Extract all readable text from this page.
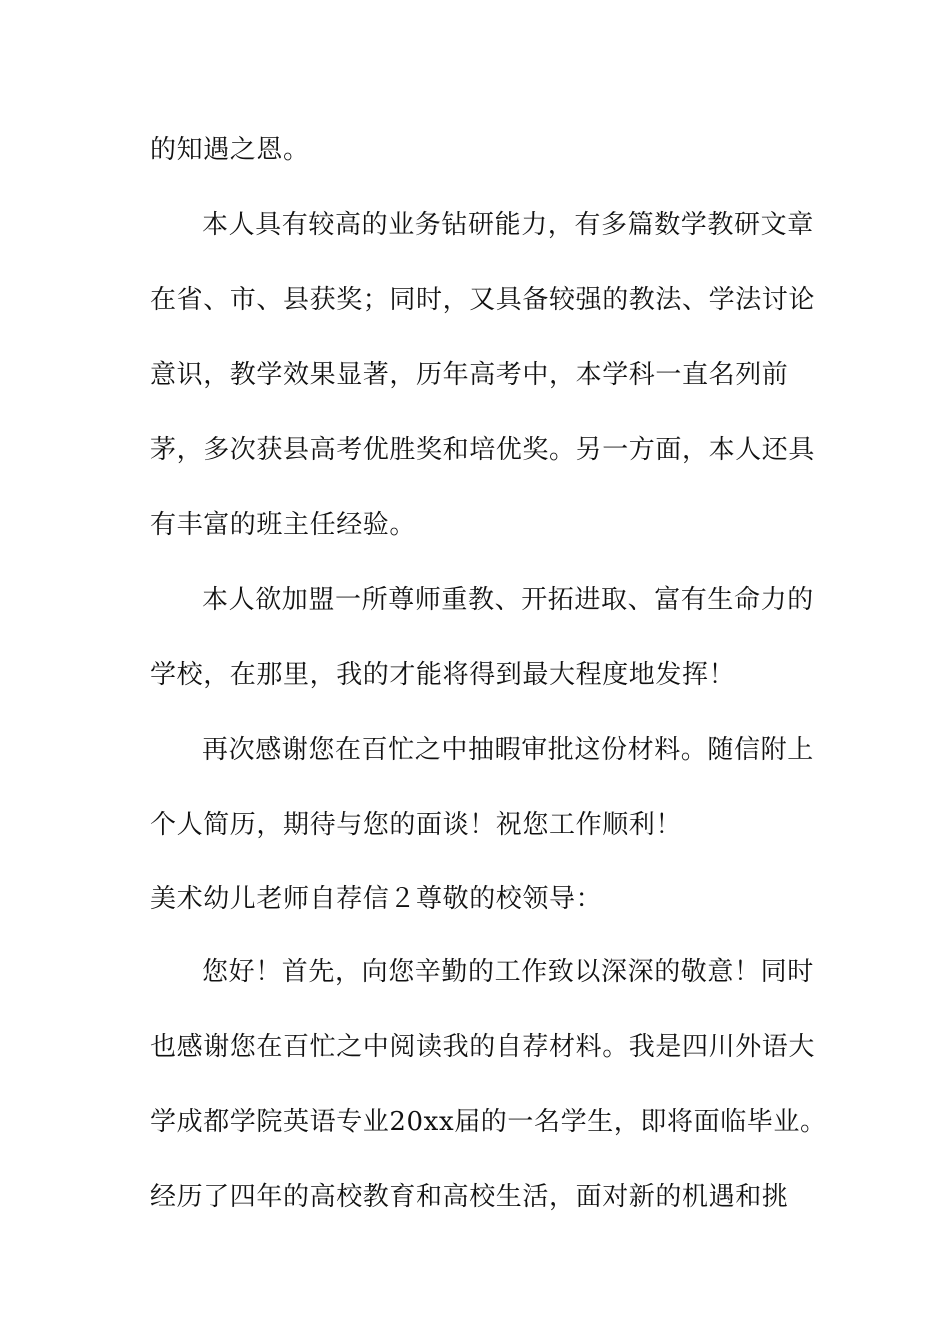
的知遇之恩。
本人具有较高的业务钻研能力，有多篇数学教研文章
在省、市、县获奖；同时，又具备较强的教法、学法讨论
意识，教学效果显著，历年高考中，本学科一直名列前
茅，多次获县高考优胜奖和培优奖。另一方面，本人还具
有丰富的班主任经验。
本人欲加盟一所尊师重教、开拓进取、富有生命力的
学校，在那里，我的才能将得到最大程度地发挥！
再次感谢您在百忙之中抽暇审批这份材料。随信附上
个人简历，期待与您的面谈！祝您工作顺利！
美术幼儿老师自荐信２尊敬的校领导：
您好！首先，向您辛勤的工作致以深深的敬意！同时
也感谢您在百忙之中阅读我的自荐材料。我是四川外语大
学成都学院英语专业20xx届的一名学生，即将面临毕业。
经历了四年的高校教育和高校生活，面对新的机遇和挑
